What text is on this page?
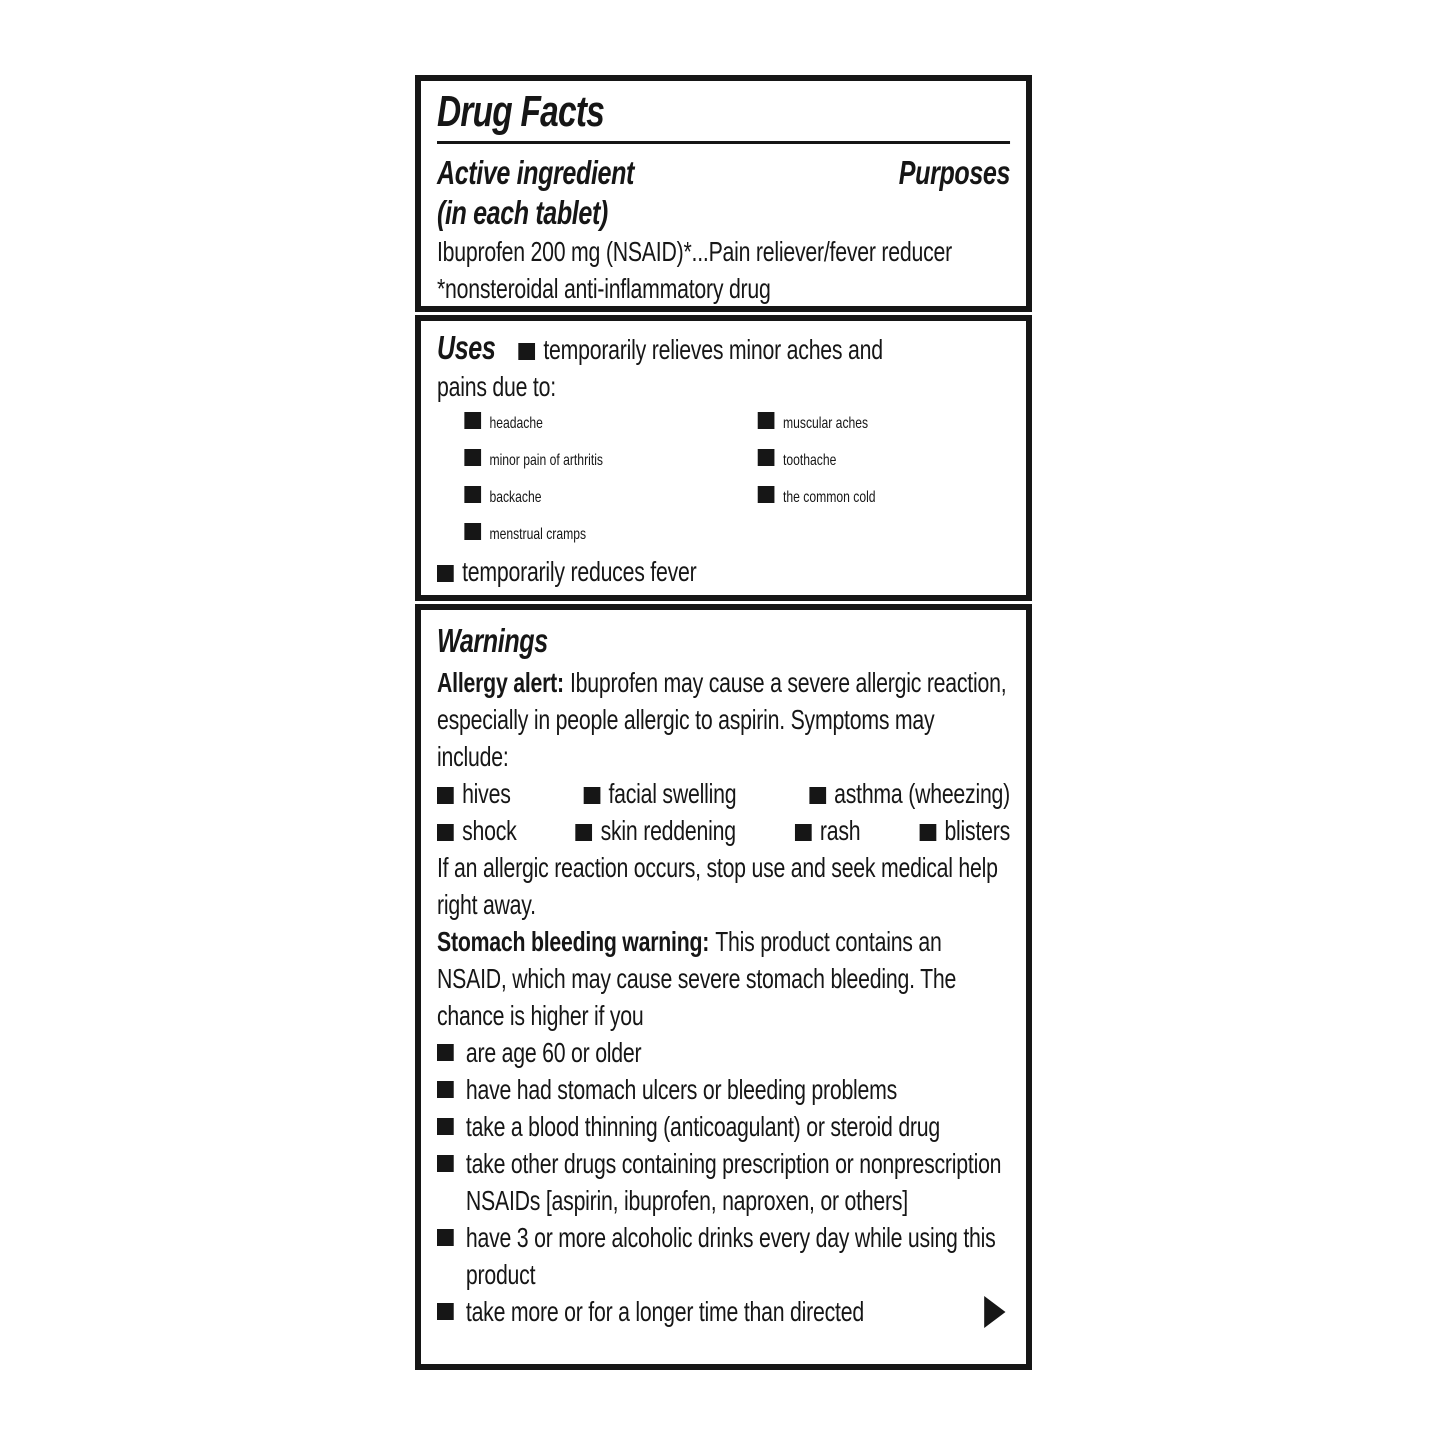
Drug Facts
Active ingredient	Purposes
(in each tablet)

Ibuprofen 200 mg (NSAID)*...Pain reliever/fever reducer

*nonsteroidal anti-inflammatory drug

Uses temporarily relieves minor aches and
pains due to:

headache	muscular aches
minor pain of arthritis	toothache
backache	the common cold
menstrual cramps

temporarily reduces fever

Warnings

Allergy alert: Ibuprofen may cause a severe allergic reaction, especially in people allergic to aspirin. Symptoms may include:

hives	facial swelling	asthma (wheezing)
shock	skin reddening	rash	blisters

If an allergic reaction occurs, stop use and seek medical help right away.

Stomach bleeding warning: This product contains an NSAID, which may cause severe stomach bleeding. The chance is higher if you

are age 60 or older
have had stomach ulcers or bleeding problems
take a blood thinning (anticoagulant) or steroid drug
take other drugs containing prescription or nonprescription NSAIDs [aspirin, ibuprofen, naproxen, or others]
have 3 or more alcoholic drinks every day while using this product
take more or for a longer time than directed
